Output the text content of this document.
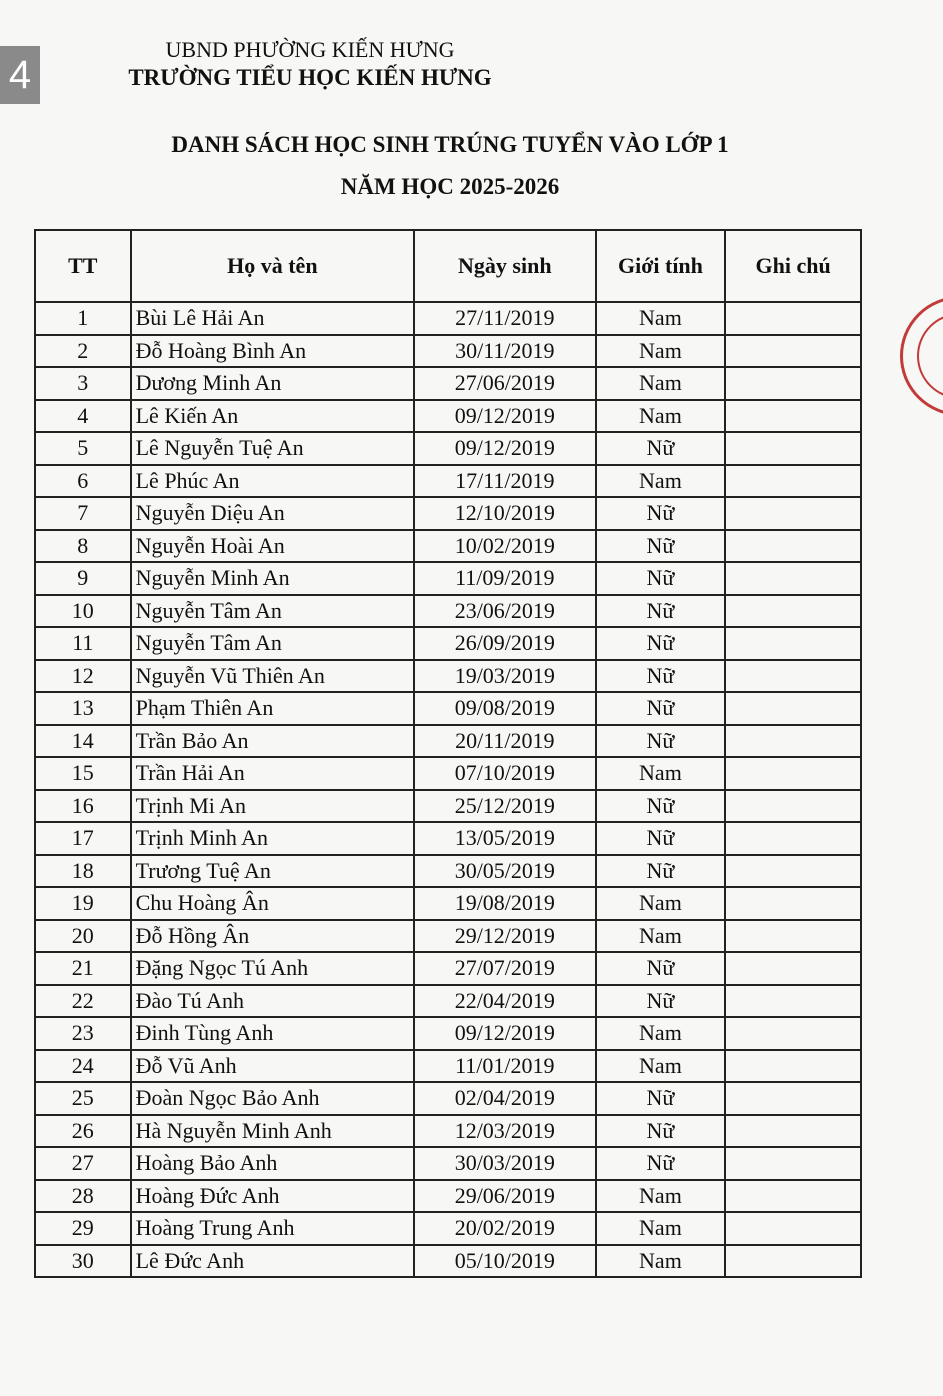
4
UBND PHƯỜNG KIẾN HƯNG
TRƯỜNG TIỂU HỌC KIẾN HƯNG
DANH SÁCH HỌC SINH TRÚNG TUYỂN VÀO LỚP 1
NĂM HỌC 2025-2026
TT	Họ và tên	Ngày sinh	Giới tính	Ghi chú
1	Bùi Lê Hải An	27/11/2019	Nam	
2	Đỗ Hoàng Bình An	30/11/2019	Nam	
3	Dương Minh An	27/06/2019	Nam	
4	Lê Kiến An	09/12/2019	Nam	
5	Lê Nguyễn Tuệ An	09/12/2019	Nữ	
6	Lê Phúc An	17/11/2019	Nam	
7	Nguyễn Diệu An	12/10/2019	Nữ	
8	Nguyễn Hoài An	10/02/2019	Nữ	
9	Nguyễn Minh An	11/09/2019	Nữ	
10	Nguyễn Tâm An	23/06/2019	Nữ	
11	Nguyễn Tâm An	26/09/2019	Nữ	
12	Nguyễn Vũ Thiên An	19/03/2019	Nữ	
13	Phạm Thiên An	09/08/2019	Nữ	
14	Trần Bảo An	20/11/2019	Nữ	
15	Trần Hải An	07/10/2019	Nam	
16	Trịnh Mi An	25/12/2019	Nữ	
17	Trịnh Minh An	13/05/2019	Nữ	
18	Trương Tuệ An	30/05/2019	Nữ	
19	Chu Hoàng Ân	19/08/2019	Nam	
20	Đỗ Hồng Ân	29/12/2019	Nam	
21	Đặng Ngọc Tú Anh	27/07/2019	Nữ	
22	Đào Tú Anh	22/04/2019	Nữ	
23	Đinh Tùng Anh	09/12/2019	Nam	
24	Đỗ Vũ Anh	11/01/2019	Nam	
25	Đoàn Ngọc Bảo Anh	02/04/2019	Nữ	
26	Hà Nguyễn Minh Anh	12/03/2019	Nữ	
27	Hoàng Bảo Anh	30/03/2019	Nữ	
28	Hoàng Đức Anh	29/06/2019	Nam	
29	Hoàng Trung Anh	20/02/2019	Nam	
30	Lê Đức Anh	05/10/2019	Nam	
